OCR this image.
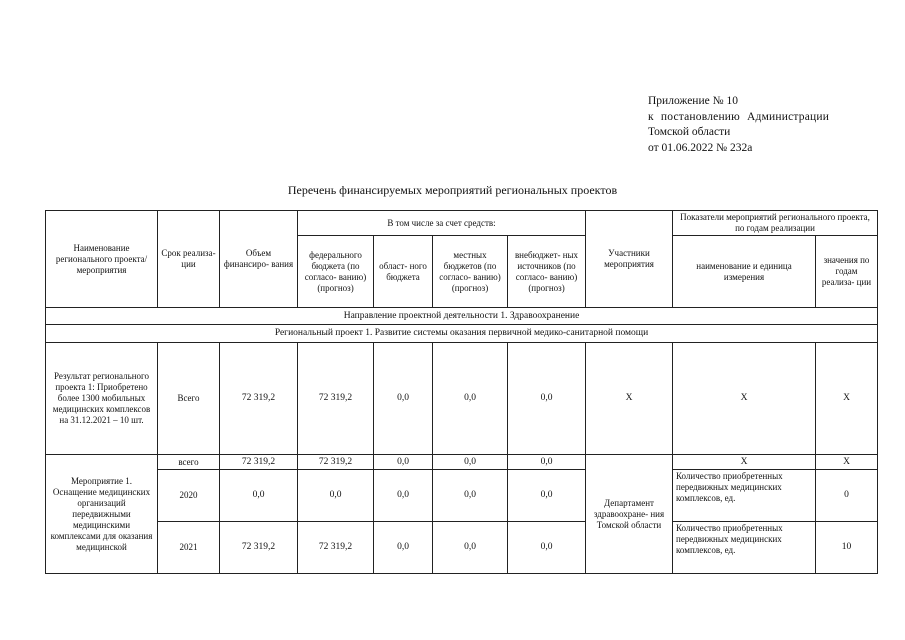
Приложение № 10
к постановлению Администрации
Томской области
от 01.06.2022 № 232а
Перечень финансируемых мероприятий региональных проектов
Наименование регионального проекта/ мероприятия	Срок реализа- ции	Объем финансиро- вания	В том числе за счет средств:				Участники мероприятия	Показатели мероприятий регионального проекта, по годам реализации	
			федерального бюджета (по согласо- ванию) (прогноз)	област- ного бюджета	местных бюджетов (по согласо- ванию) (прогноз)	внебюджет- ных источников (по согласо- ванию) (прогноз)		наименование и единица измерения	значения по годам реализа- ции
Направление проектной деятельности 1. Здравоохранение									
Региональный проект 1. Развитие системы оказания первичной медико-санитарной помощи									
Результат регионального проекта 1: Приобретено более 1300 мобильных медицинских комплексов на 31.12.2021 – 10 шт.	Всего	72 319,2	72 319,2	0,0	0,0	0,0	X	X	X
Мероприятие 1. Оснащение медицинских организаций передвижными медицинскими комплексами для оказания медицинской	всего	72 319,2	72 319,2	0,0	0,0	0,0	Департамент здравоохране- ния Томской области	X	X
	2020	0,0	0,0	0,0	0,0	0,0		Количество приобретенных передвижных медицинских комплексов, ед.	0
	2021	72 319,2	72 319,2	0,0	0,0	0,0		Количество приобретенных передвижных медицинских комплексов, ед.	10
